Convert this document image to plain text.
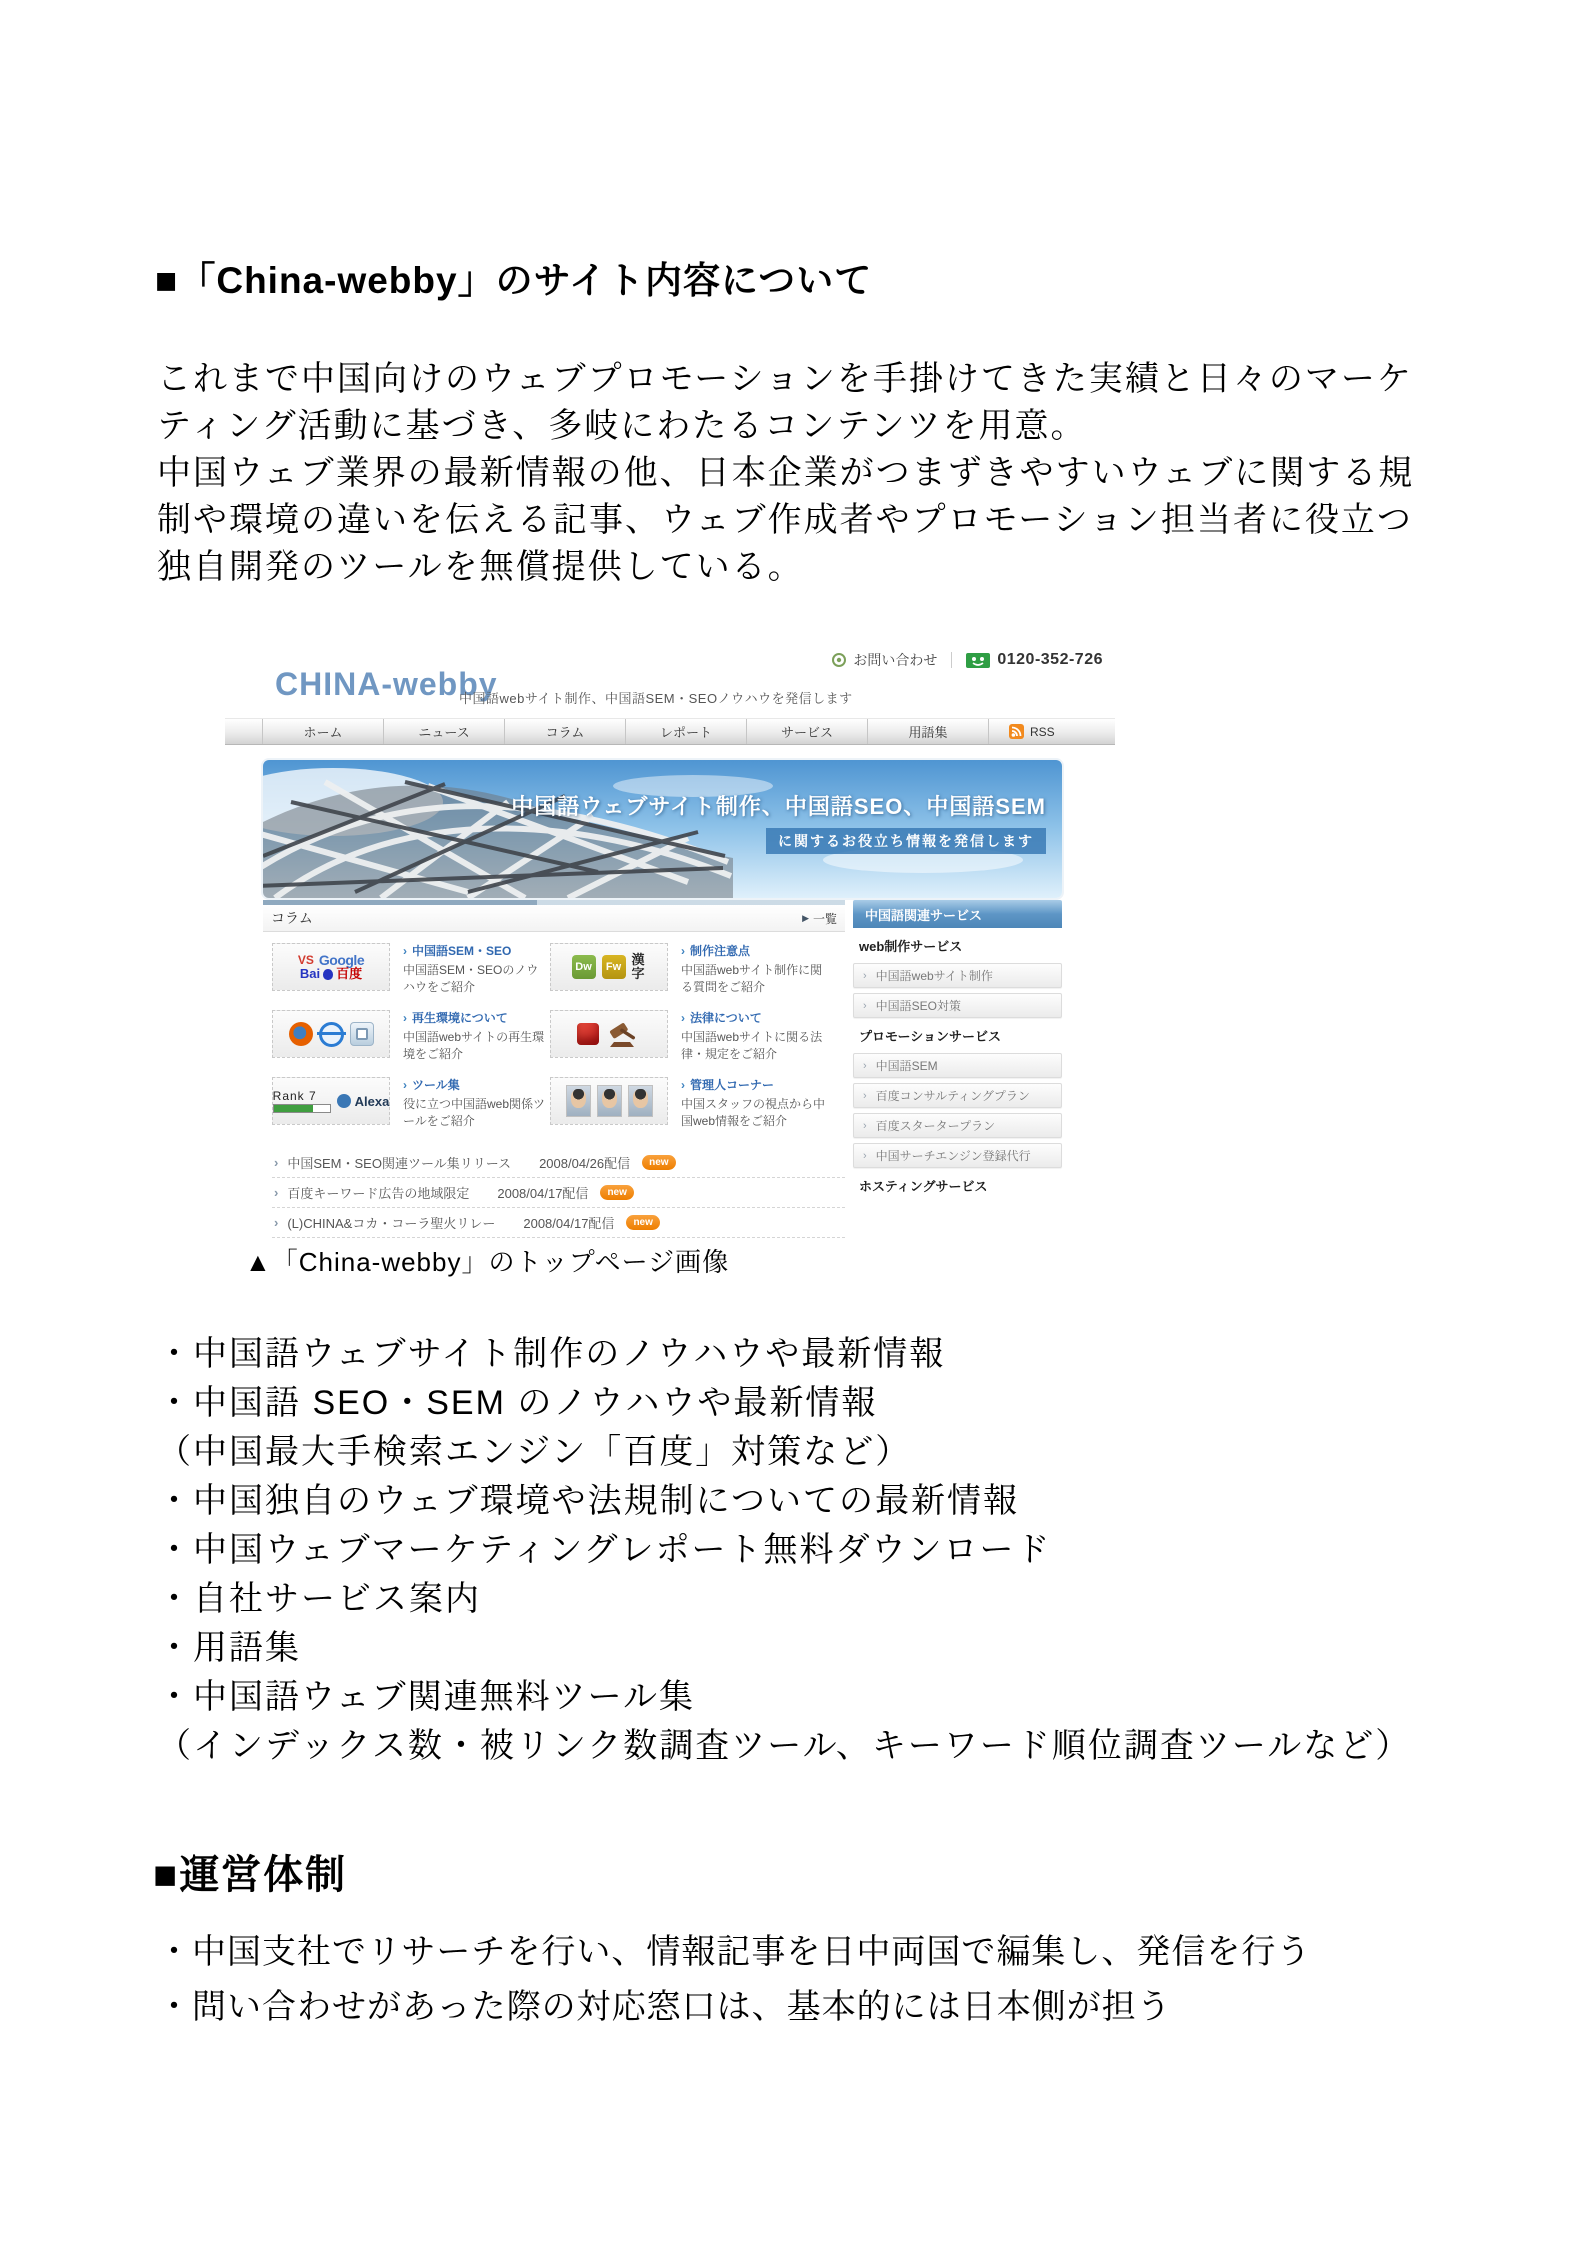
■「China-webby」のサイト内容について
これまで中国向けのウェブプロモーションを手掛けてきた実績と日々のマーケ
ティング活動に基づき、多岐にわたるコンテンツを用意。
中国ウェブ業界の最新情報の他、日本企業がつまずきやすいウェブに関する規
制や環境の違いを伝える記事、ウェブ作成者やプロモーション担当者に役立つ
独自開発のツールを無償提供している。
お問い合わせ	0120-352-726
CHINA-webby
中国語webサイト制作、中国語SEM・SEOノウハウを発信します
ホーム	ニュース	コラム	レポート	サービス	用語集	RSS
中国語ウェブサイト制作、中国語SEO、中国語SEM
に関するお役立ち情報を発信します
コラム	▶ 一覧
VS Google
Bai 百度
› 中国語SEM・SEO
中国語SEM・SEOのノウハウをご紹介
Dw	Fw 漢字
› 制作注意点
中国語webサイト制作に関る質問をご紹介
› 再生環境について
中国語webサイトの再生環境をご紹介
› 法律について
中国語webサイトに関る法律・規定をご紹介
Rank 7	Alexa
› ツール集
役に立つ中国語web関係ツールをご紹介
› 管理人コーナー
中国スタッフの視点から中国web情報をご紹介
› 中国SEM・SEO関連ツール集リリース 2008/04/26配信	new
› 百度キーワード広告の地域限定 2008/04/17配信	new
› (L)CHINA&コカ・コーラ聖火リレー 2008/04/17配信	new
中国語関連サービス
web制作サービス
› 中国語webサイト制作
› 中国語SEO対策
プロモーションサービス
› 中国語SEM
› 百度コンサルティングプラン
› 百度スタータープラン
› 中国サーチエンジン登録代行
ホスティングサービス
▲「China-webby」のトップページ画像
・中国語ウェブサイト制作のノウハウや最新情報
・中国語 SEO・SEM のノウハウや最新情報
（中国最大手検索エンジン「百度」対策など）
・中国独自のウェブ環境や法規制についての最新情報
・中国ウェブマーケティングレポート無料ダウンロード
・自社サービス案内
・用語集
・中国語ウェブ関連無料ツール集
（インデックス数・被リンク数調査ツール、キーワード順位調査ツールなど）
■運営体制
・中国支社でリサーチを行い、情報記事を日中両国で編集し、発信を行う
・問い合わせがあった際の対応窓口は、基本的には日本側が担う
